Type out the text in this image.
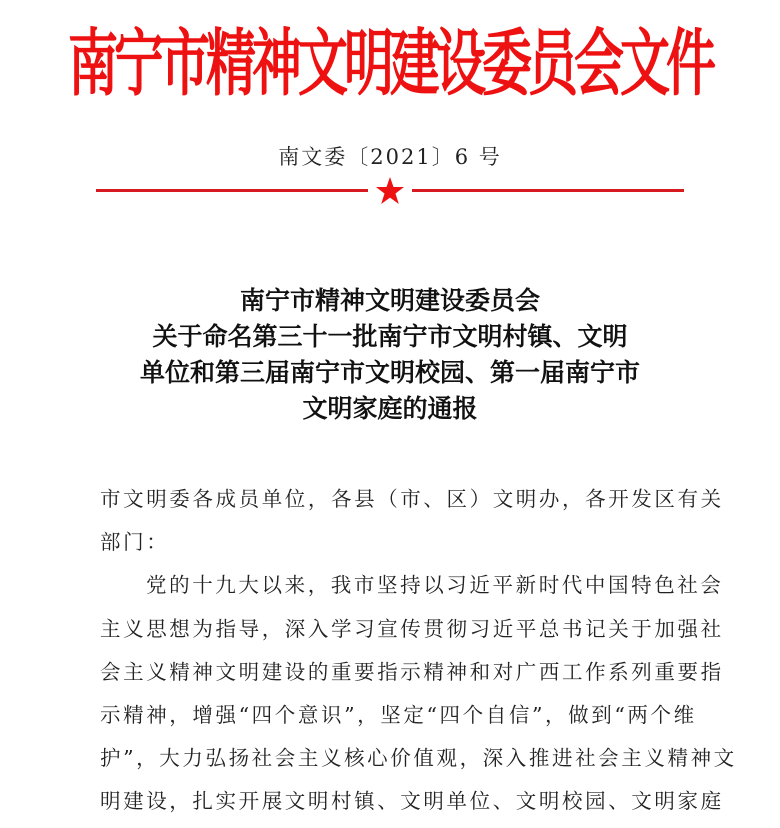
南宁市精神文明建设委员会文件
南文委〔2021〕6 号
南宁市精神文明建设委员会
关于命名第三十一批南宁市文明村镇、文明
单位和第三届南宁市文明校园、第一届南宁市
文明家庭的通报
市文明委各成员单位，各县（市、区）文明办，各开发区有关
部门：
党的十九大以来，我市坚持以习近平新时代中国特色社会
主义思想为指导，深入学习宣传贯彻习近平总书记关于加强社
会主义精神文明建设的重要指示精神和对广西工作系列重要指
示精神，增强“四个意识”，坚定“四个自信”，做到“两个维
护”，大力弘扬社会主义核心价值观，深入推进社会主义精神文
明建设，扎实开展文明村镇、文明单位、文明校园、文明家庭
